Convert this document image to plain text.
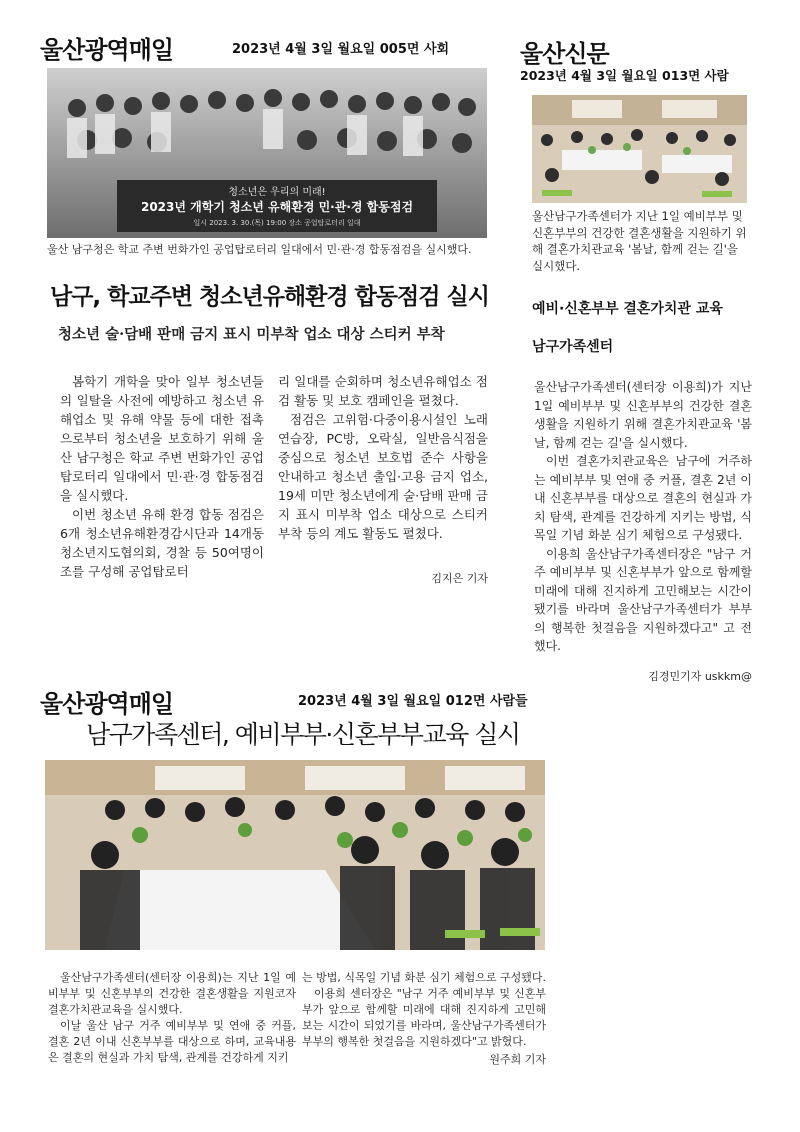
울산광역매일	2023년 4월 3일 월요일 005면 사회
청소년은 우리의 미래!
2023년 개학기 청소년 유해환경 민·관·경 합동점검
일시 2023. 3. 30.(목) 19:00 장소 공업탑로터리 일대
울산 남구청은 학교 주변 번화가인 공업탑로터리 일대에서 민·관·경 합동점검을 실시했다.
남구, 학교주변 청소년유해환경 합동점검 실시
청소년 술·담배 판매 금지 표시 미부착 업소 대상 스티커 부착

봄학기 개학을 맞아 일부 청소년들의 일탈을 사전에 예방하고 청소년 유해업소 및 유해 약물 등에 대한 접촉으로부터 청소년을 보호하기 위해 울산 남구청은 학교 주변 번화가인 공업탑로터리 일대에서 민·관·경 합동점검을 실시했다.

이번 청소년 유해 환경 합동 점검은 6개 청소년유해환경감시단과 14개동 청소년지도협의회, 경찰 등 50여명이 조를 구성해 공업탑로터

리 일대를 순회하며 청소년유해업소 점검 활동 및 보호 캠페인을 펼쳤다.

점검은 고위험·다중이용시설인 노래연습장, PC방, 오락실, 일반음식점을 중심으로 청소년 보호법 준수 사항을 안내하고 청소년 출입·고용 금지 업소, 19세 미만 청소년에게 술·담배 판매 금지 표시 미부착 업소 대상으로 스티커 부착 등의 계도 활동도 펼쳤다.

김지은 기자
울산신문
2023년 4월 3일 월요일 013면 사람
울산남구가족센터가 지난 1일 예비부부 및 신혼부부의 건강한 결혼생활을 지원하기 위해 결혼가치관교육 '봄날, 함께 걷는 길'을 실시했다.
예비·신혼부부 결혼가치관 교육
남구가족센터

울산남구가족센터(센터장 이용희)가 지난 1일 예비부부 및 신혼부부의 건강한 결혼생활을 지원하기 위해 결혼가치관교육 '봄날, 함께 걷는 길'을 실시했다.

이번 결혼가치관교육은 남구에 거주하는 예비부부 및 연애 중 커플, 결혼 2년 이내 신혼부부를 대상으로 결혼의 현실과 가치 탐색, 관계를 건강하게 지키는 방법, 식목일 기념 화분 심기 체험으로 구성됐다.

이용희 울산남구가족센터장은 "남구 거주 예비부부 및 신혼부부가 앞으로 함께할 미래에 대해 진지하게 고민해보는 시간이 됐기를 바라며 울산남구가족센터가 부부의 행복한 첫걸음을 지원하겠다고" 고 전했다.

김경민기자 uskkm@
울산광역매일	2023년 4월 3일 월요일 012면 사람들
남구가족센터, 예비부부·신혼부부교육 실시

울산남구가족센터(센터장 이용희)는 지난 1일 예비부부 및 신혼부부의 건강한 결혼생활을 지원코자 결혼가치관교육을 실시했다.

이날 울산 남구 거주 예비부부 및 연애 중 커플, 결혼 2년 이내 신혼부부를 대상으로 하며, 교육내용은 결혼의 현실과 가치 탐색, 관계를 건강하게 지키

는 방법, 식목일 기념 화분 심기 체험으로 구성됐다.

이용희 센터장은 "남구 거주 예비부부 및 신혼부부가 앞으로 함께할 미래에 대해 진지하게 고민해보는 시간이 되었기를 바라며, 울산남구가족센터가 부부의 행복한 첫걸음을 지원하겠다"고 밝혔다.

원주희 기자
